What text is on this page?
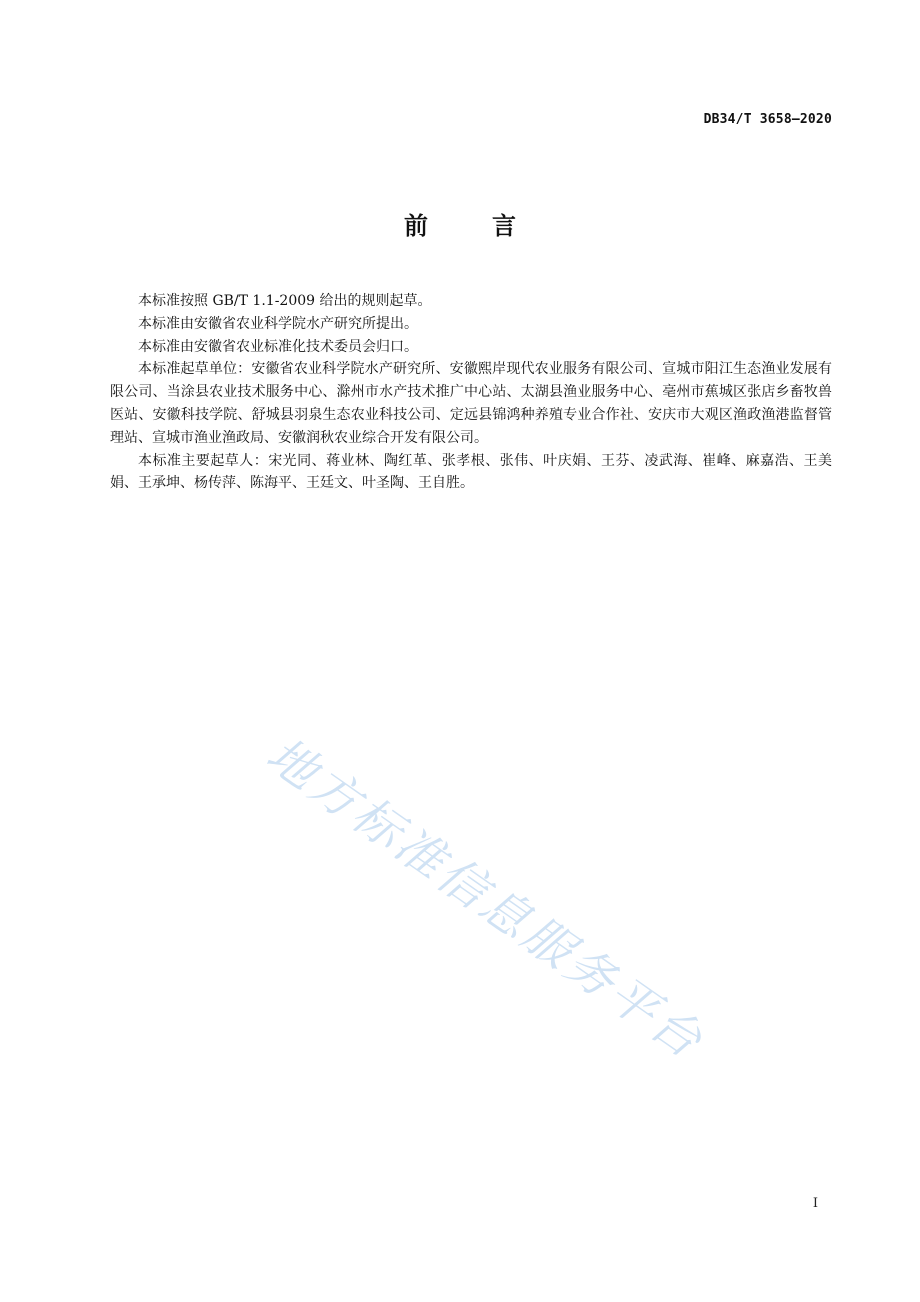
DB34/T 3658—2020
前　言

本标准按照 GB/T 1.1-2009 给出的规则起草。

本标准由安徽省农业科学院水产研究所提出。

本标准由安徽省农业标准化技术委员会归口。

本标准起草单位：安徽省农业科学院水产研究所、安徽熙岸现代农业服务有限公司、宣城市阳江生态渔业发展有限公司、当涂县农业技术服务中心、滁州市水产技术推广中心站、太湖县渔业服务中心、亳州市蕉城区张店乡畜牧兽医站、安徽科技学院、舒城县羽泉生态农业科技公司、定远县锦鸿种养殖专业合作社、安庆市大观区渔政渔港监督管理站、宣城市渔业渔政局、安徽润秋农业综合开发有限公司。

本标准主要起草人：宋光同、蒋业林、陶红革、张孝根、张伟、叶庆娟、王芬、凌武海、崔峰、麻嘉浩、王美娟、王承坤、杨传萍、陈海平、王廷文、叶圣陶、王自胜。

地方标准信息服务平台
I
